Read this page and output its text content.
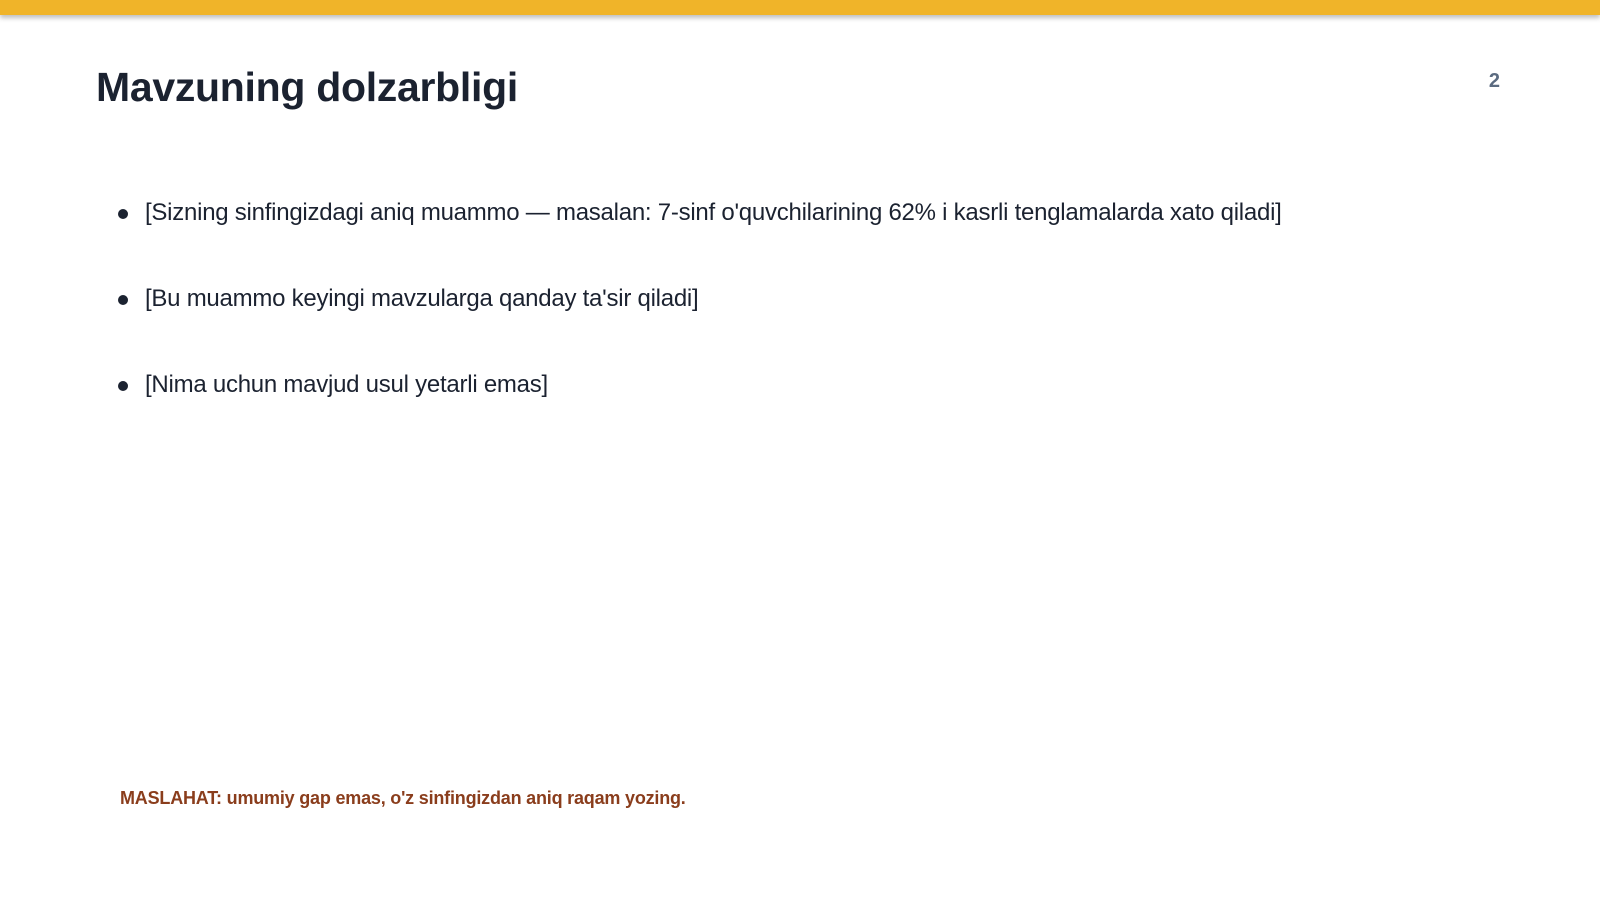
Mavzuning dolzarbligi	2
[Sizning sinfingizdagi aniq muammo — masalan: 7-sinf o'quvchilarining 62% i kasrli tenglamalarda xato qiladi]
[Bu muammo keyingi mavzularga qanday ta'sir qiladi]
[Nima uchun mavjud usul yetarli emas]
MASLAHAT: umumiy gap emas, o'z sinfingizdan aniq raqam yozing.
